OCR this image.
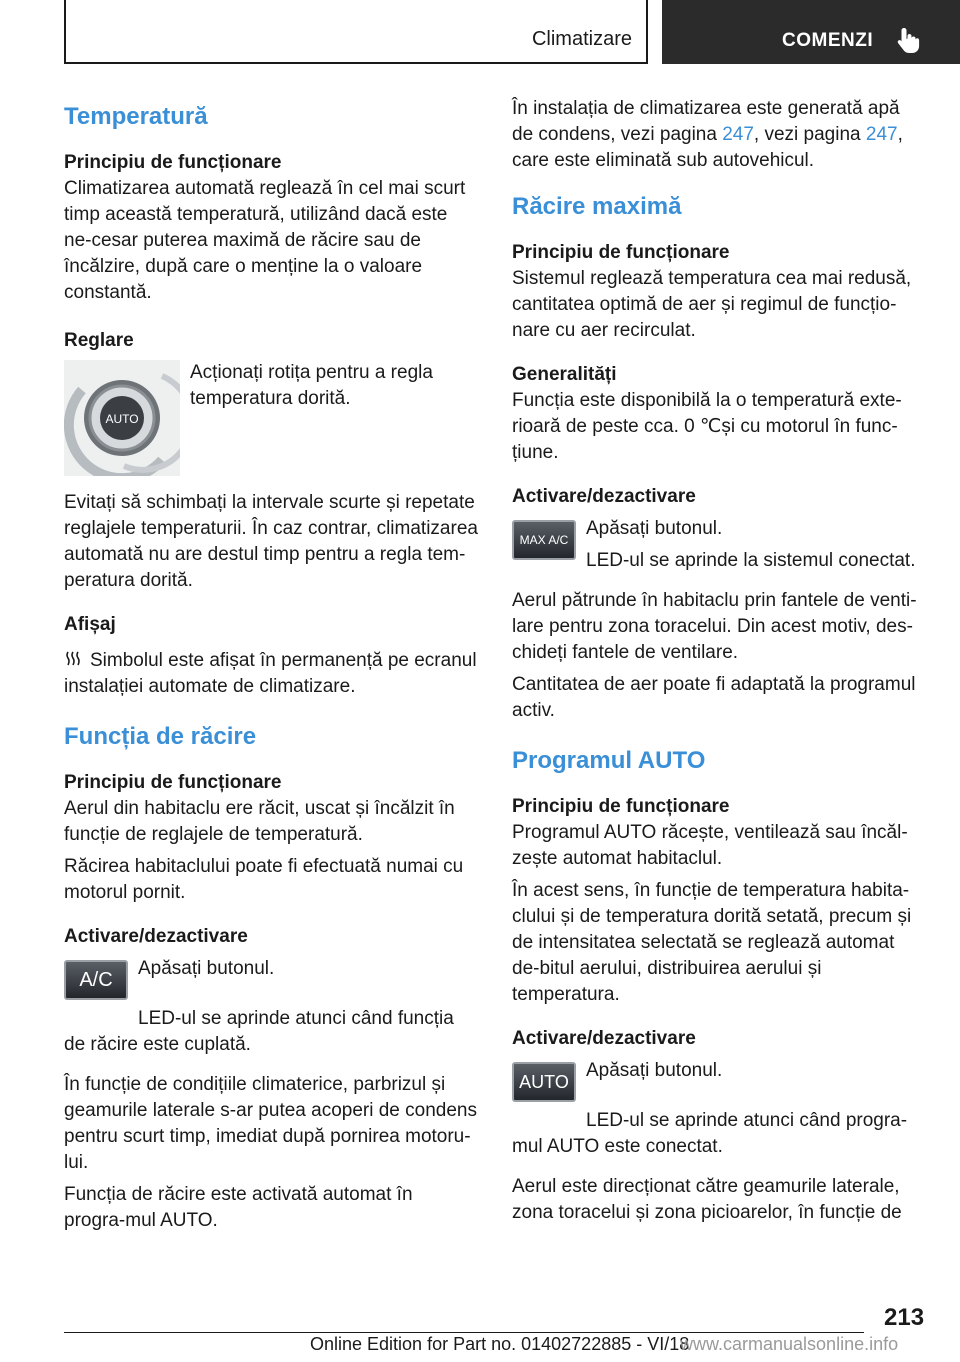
Climatizare	COMENZI
Temperatură
Principiu de funcționare

Climatizarea automată reglează în cel mai scurt timp această temperatură, utilizând dacă este ne-cesar puterea maximă de răcire sau de încălzire, după care o menține la o valoare constantă.

Reglare
AUTO

Acționați rotița pentru a regla temperatura dorită.

Evitați să schimbați la intervale scurte și repetate reglajele temperaturii. În caz contrar, climatizarea automată nu are destul timp pentru a regla tem-peratura dorită.

Afișaj

Simbolul este afișat în permanență pe ecranul instalației automate de climatizare.

Funcția de răcire
Principiu de funcționare

Aerul din habitaclu ere răcit, uscat și încălzit în funcție de reglajele de temperatură.

Răcirea habitaclului poate fi efectuată numai cu motorul pornit.

Activare/dezactivare
A/C Apăsați butonul.

LED-ul se aprinde atunci când funcția de răcire este cuplată.

În funcție de condițiile climaterice, parbrizul și geamurile laterale s-ar putea acoperi de condens pentru scurt timp, imediat după pornirea motoru-lui.

Funcția de răcire este activată automat în progra-mul AUTO.

În instalația de climatizarea este generată apă de condens, vezi pagina 247, vezi pagina 247, care este eliminată sub autovehicul.

Răcire maximă
Principiu de funcționare

Sistemul reglează temperatura cea mai redusă, cantitatea optimă de aer și regimul de funcțio-nare cu aer recirculat.

Generalități

Funcția este disponibilă la o temperatură exte-rioară de peste cca. 0 ℃și cu motorul în func-țiune.

Activare/dezactivare
MAX A/C

Apăsați butonul.

LED-ul se aprinde la sistemul conectat.

Aerul pătrunde în habitaclu prin fantele de venti-lare pentru zona toracelui. Din acest motiv, des-chideți fantele de ventilare.

Cantitatea de aer poate fi adaptată la programul activ.

Programul AUTO
Principiu de funcționare

Programul AUTO răcește, ventilează sau încăl-zește automat habitaclul.

În acest sens, în funcție de temperatura habita-clului și de temperatura dorită setată, precum și de intensitatea selectată se reglează automat de-bitul aerului, distribuirea aerului și temperatura.

Activare/dezactivare
AUTO

Apăsați butonul.

LED-ul se aprinde atunci când progra-mul AUTO este conectat.

Aerul este direcționat către geamurile laterale, zona toracelui și zona picioarelor, în funcție de

213
Online Edition for Part no. 01402722885 - VI/18
www.carmanualsonline.info
